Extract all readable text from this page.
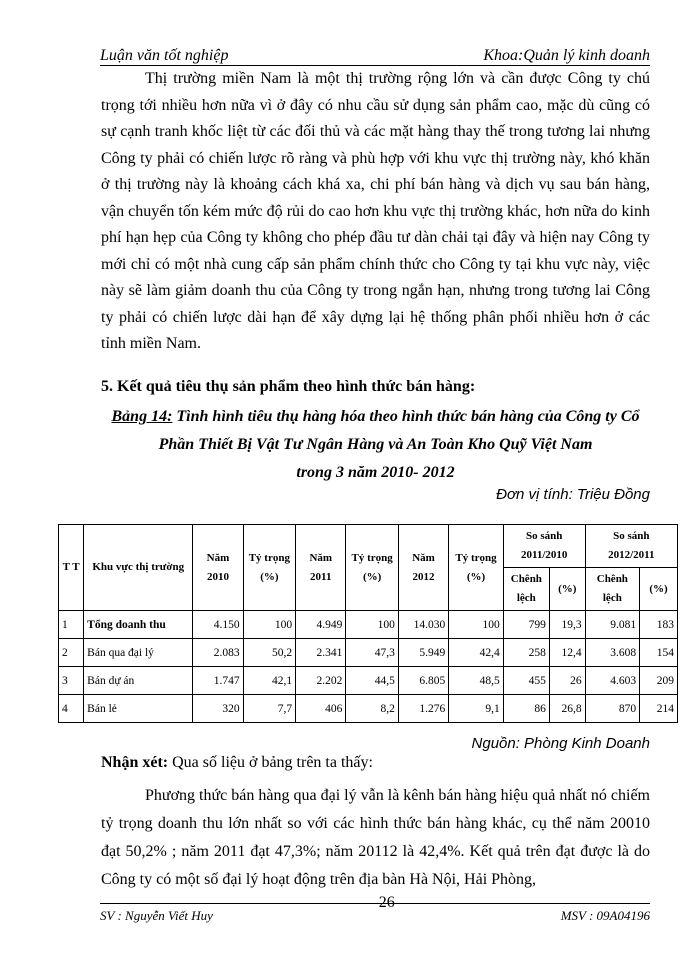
Luận văn tốt nghiệp	Khoa:Quản lý kinh doanh

Thị trường miền Nam là một thị trường rộng lớn và cần được Công ty chú trọng tới nhiều hơn nữa vì ở đây có nhu cầu sử dụng sản phẩm cao, mặc dù cũng có sự cạnh tranh khốc liệt từ các đối thủ và các mặt hàng thay thế trong tương lai nhưng Công ty phải có chiến lược rõ ràng và phù hợp với khu vực thị trường này, khó khăn ở thị trường này là khoảng cách khá xa, chi phí bán hàng và dịch vụ sau bán hàng, vận chuyển tốn kém mức độ rủi do cao hơn khu vực thị trường khác, hơn nữa do kinh phí hạn hẹp của Công ty không cho phép đầu tư dàn chải tại đây và hiện nay Công ty mới chỉ có một nhà cung cấp sản phẩm chính thức cho Công ty tại khu vực này, việc này sẽ làm giảm doanh thu của Công ty trong ngắn hạn, nhưng trong tương lai Công ty phải có chiến lược dài hạn để xây dựng lại hệ thống phân phối nhiều hơn ở các tỉnh miền Nam.

5. Kết quả tiêu thụ sản phẩm theo hình thức bán hàng:
Bảng 14: Tình hình tiêu thụ hàng hóa theo hình thức bán hàng của Công ty Cổ Phần Thiết Bị Vật Tư Ngân Hàng và An Toàn Kho Quỹ Việt Nam
trong 3 năm 2010- 2012
Đơn vị tính: Triệu Đồng
T T	Khu vực thị trường	Năm 2010	Tỷ trọng (%)	Năm 2011	Tỷ trọng (%)	Năm 2012	Tỷ trọng (%)	So sánh 2011/2010		So sánh 2012/2011	
								Chênh lệch	(%)	Chênh lệch	(%)
1	Tổng doanh thu	4.150	100	4.949	100	14.030	100	799	19,3	9.081	183
2	Bán qua đại lý	2.083	50,2	2.341	47,3	5.949	42,4	258	12,4	3.608	154
3	Bán dự án	1.747	42,1	2.202	44,5	6.805	48,5	455	26	4.603	209
4	Bán lẻ	320	7,7	406	8,2	1.276	9,1	86	26,8	870	214
Nguồn: Phòng Kinh Doanh
Nhận xét: Qua số liệu ở bảng trên ta thấy:

Phương thức bán hàng qua đại lý vẫn là kênh bán hàng hiệu quả nhất nó chiếm tỷ trọng doanh thu lớn nhất so với các hình thức bán hàng khác, cụ thể năm 20010 đạt 50,2% ; năm 2011 đạt 47,3%; năm 20112 là 42,4%. Kết quả trên đạt được là do Công ty có một số đại lý hoạt động trên địa bàn Hà Nội, Hải Phòng,

SV : Nguyễn Viết Huy
26
MSV : 09A04196
